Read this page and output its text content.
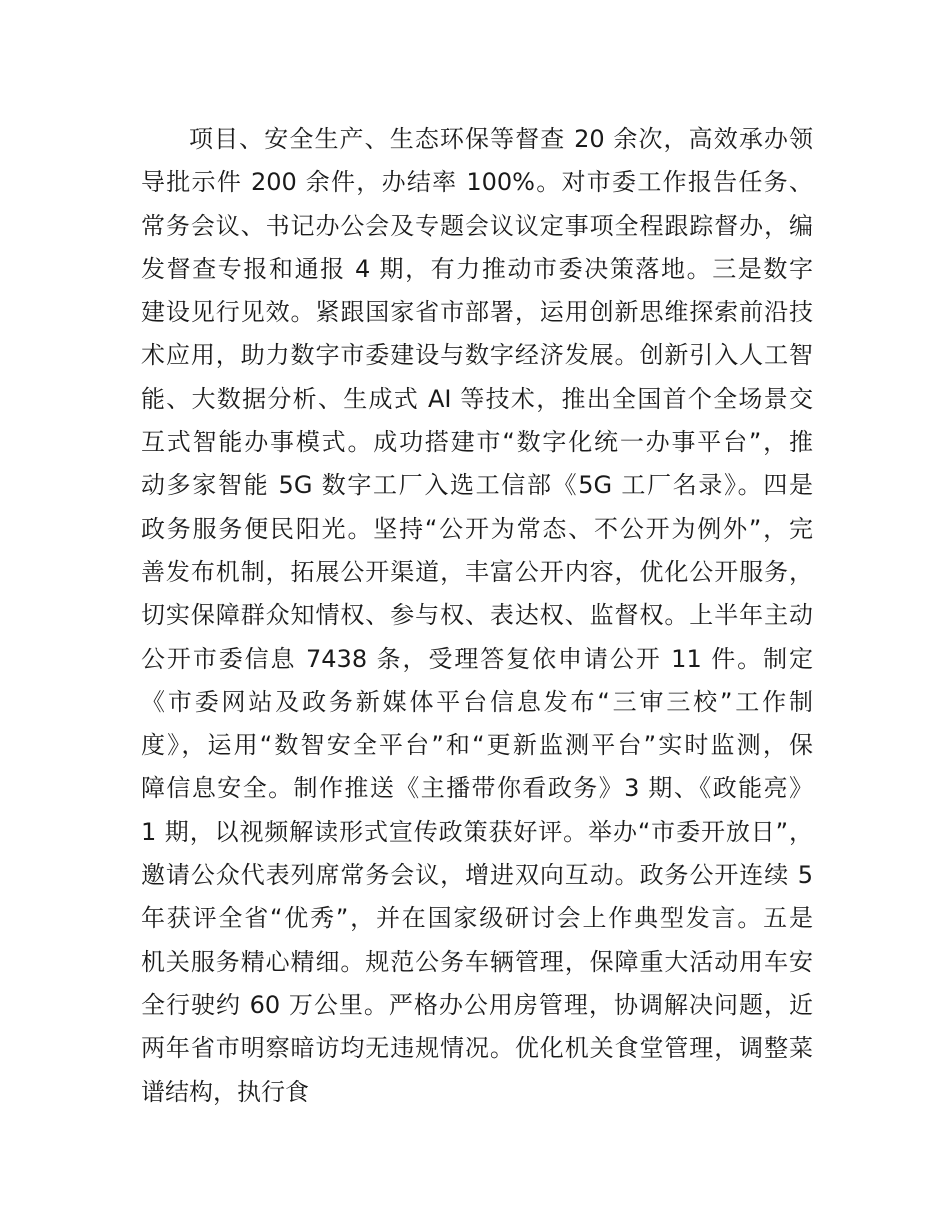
项目、安全生产、生态环保等督查 20 余次，高效承办领
导批示件 200 余件，办结率 100%。对市委工作报告任务、
常务会议、书记办公会及专题会议议定事项全程跟踪督办，编
发督查专报和通报 4 期，有力推动市委决策落地。三是数字
建设见行见效。紧跟国家省市部署，运用创新思维探索前沿技
术应用，助力数字市委建设与数字经济发展。创新引入人工智
能、大数据分析、生成式 AI 等技术，推出全国首个全场景交
互式智能办事模式。成功搭建市“数字化统一办事平台”，推
动多家智能 5G 数字工厂入选工信部《5G 工厂名录》。四是
政务服务便民阳光。坚持“公开为常态、不公开为例外”，完
善发布机制，拓展公开渠道，丰富公开内容，优化公开服务，
切实保障群众知情权、参与权、表达权、监督权。上半年主动
公开市委信息 7438 条，受理答复依申请公开 11 件。制定
《市委网站及政务新媒体平台信息发布“三审三校”工作制
度》，运用“数智安全平台”和“更新监测平台”实时监测，保
障信息安全。制作推送《主播带你看政务》3 期、《政能亮》
1 期，以视频解读形式宣传政策获好评。举办“市委开放日”，
邀请公众代表列席常务会议，增进双向互动。政务公开连续 5
年获评全省“优秀”，并在国家级研讨会上作典型发言。五是
机关服务精心精细。规范公务车辆管理，保障重大活动用车安
全行驶约 60 万公里。严格办公用房管理，协调解决问题，近
两年省市明察暗访均无违规情况。优化机关食堂管理，调整菜
谱结构，执行食
